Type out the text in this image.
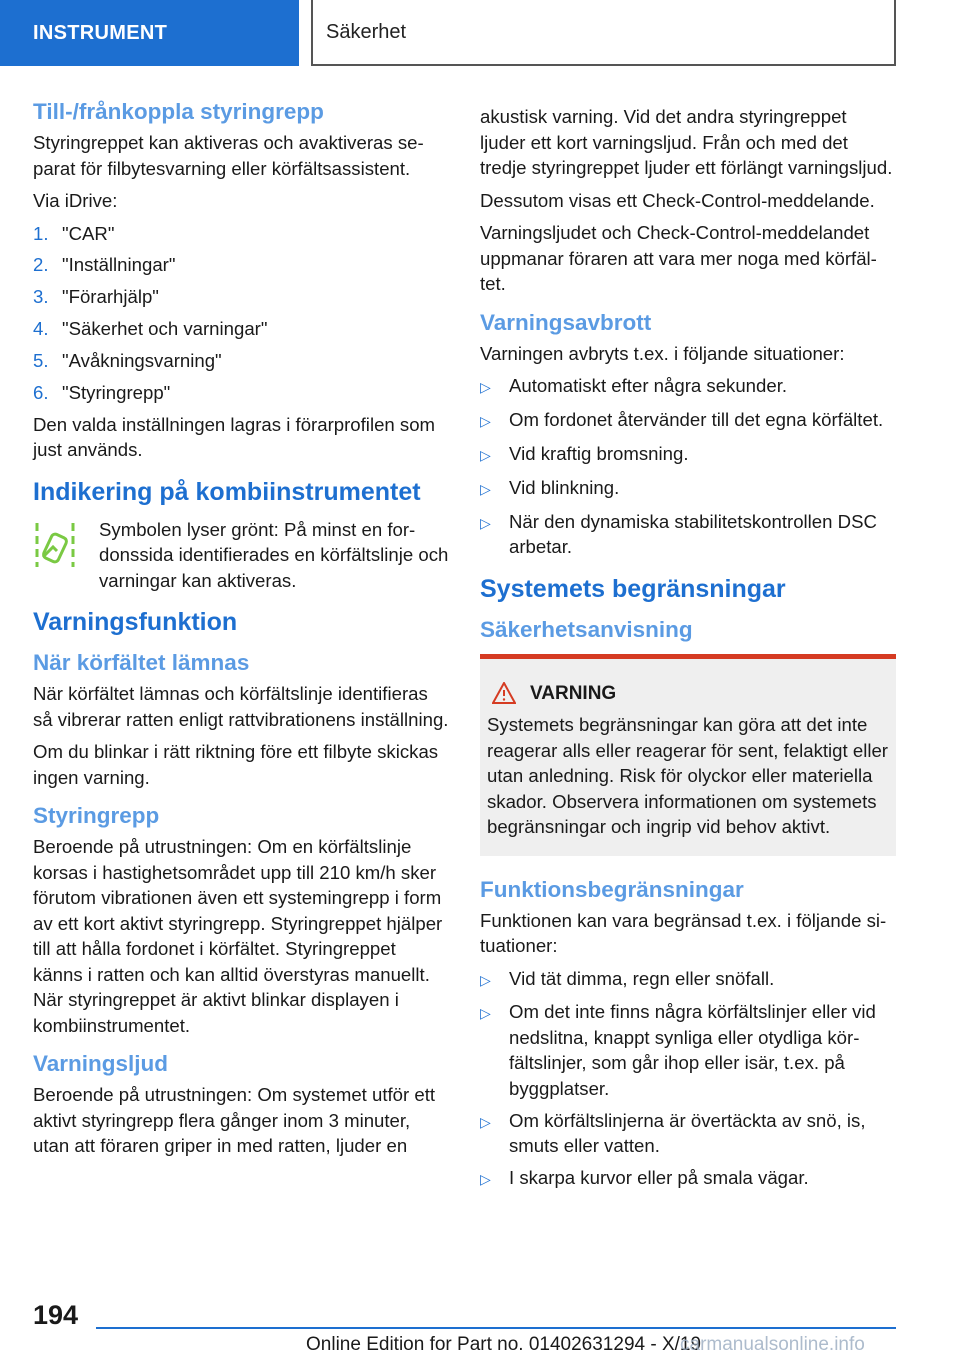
INSTRUMENT	Säkerhet
Till-/frånkoppla styringrepp

Styringreppet kan aktiveras och avaktiveras separat för filbytesvarning eller körfältsassistent.

Via iDrive:

1. "CAR"
2. "Inställningar"
3. "Förarhjälp"
4. "Säkerhet och varningar"
5. "Avåkningsvarning"
6. "Styringrepp"

Den valda inställningen lagras i förarprofilen som just används.

Indikering på kombiinstrumentet
Symbolen lyser grönt: På minst en fordonssida identifierades en körfältslinje och varningar kan aktiveras.
Varningsfunktion
När körfältet lämnas

När körfältet lämnas och körfältslinje identifieras så vibrerar ratten enligt rattvibrationens inställning.

Om du blinkar i rätt riktning före ett filbyte skickas ingen varning.

Styringrepp

Beroende på utrustningen: Om en körfältslinje korsas i hastighetsområdet upp till 210 km/h sker förutom vibrationen även ett systemingrepp i form av ett kort aktivt styringrepp. Styringreppet hjälper till att hålla fordonet i körfältet. Styringreppet känns i ratten och kan alltid överstyras manuellt. När styringreppet är aktivt blinkar displayen i kombiinstrumentet.

Varningsljud

Beroende på utrustningen: Om systemet utför ett aktivt styringrepp flera gånger inom 3 minuter, utan att föraren griper in med ratten, ljuder en

akustisk varning. Vid det andra styringreppet ljuder ett kort varningsljud. Från och med det tredje styringreppet ljuder ett förlängt varningsljud.

Dessutom visas ett Check-Control-meddelande.

Varningsljudet och Check-Control-meddelandet uppmanar föraren att vara mer noga med körfältet.

Varningsavbrott

Varningen avbryts t.ex. i följande situationer:

▷ Automatiskt efter några sekunder.
▷ Om fordonet återvänder till det egna körfältet.
▷ Vid kraftig bromsning.
▷ Vid blinkning.
▷ När den dynamiska stabilitetskontrollen DSC arbetar.
Systemets begränsningar
Säkerhetsanvisning
VARNING
Systemets begränsningar kan göra att det inte reagerar alls eller reagerar för sent, felaktigt eller utan anledning. Risk för olyckor eller materiella skador. Observera informationen om systemets begränsningar och ingrip vid behov aktivt.
Funktionsbegränsningar

Funktionen kan vara begränsad t.ex. i följande situationer:

▷ Vid tät dimma, regn eller snöfall.
▷ Om det inte finns några körfältslinjer eller vid nedslitna, knappt synliga eller otydliga körfältslinjer, som går ihop eller isär, t.ex. på byggplatser.
▷ Om körfältslinjerna är övertäckta av snö, is, smuts eller vatten.
▷ I skarpa kurvor eller på smala vägar.
194
Online Edition for Part no. 01402631294 - X/19
carmanualsonline.info
